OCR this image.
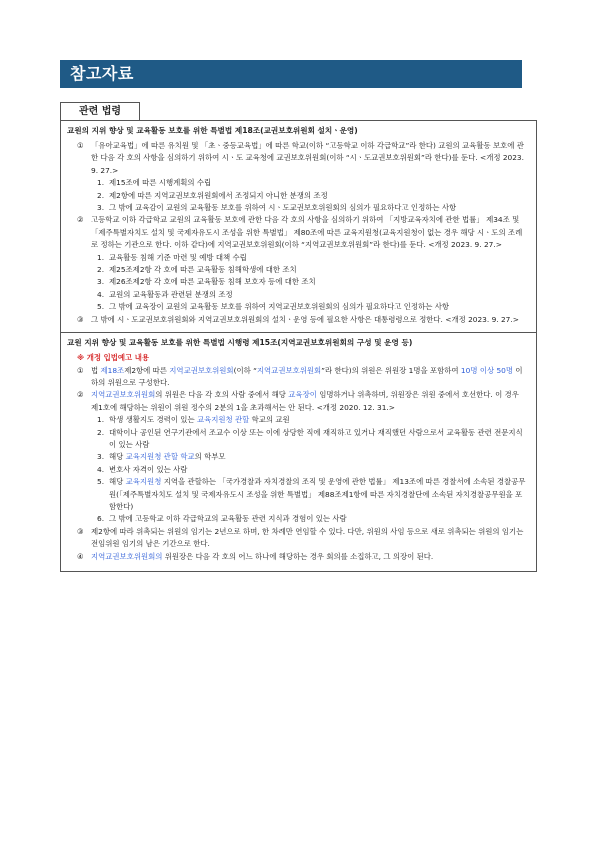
참고자료
관련 법령
교원의 지위 향상 및 교육활동 보호를 위한 특별법 제18조(교권보호위원회 설치ㆍ운영)
① 「유아교육법」에 따른 유치원 및 「초ㆍ중등교육법」에 따른 학교(이하 “고등학교 이하 각급학교”라 한다) 교원의 교육활동 보호에 관한 다음 각 호의 사항을 심의하기 위하여 시ㆍ도 교육청에 교권보호위원회(이하 “시ㆍ도교권보호위원회”라 한다)를 둔다. <개정 2023. 9. 27.>
1. 제15조에 따른 시행계획의 수립
2. 제2항에 따른 지역교권보호위원회에서 조정되지 아니한 분쟁의 조정
3. 그 밖에 교육감이 교원의 교육활동 보호를 위하여 시ㆍ도교권보호위원회의 심의가 필요하다고 인정하는 사항
② 고등학교 이하 각급학교 교원의 교육활동 보호에 관한 다음 각 호의 사항을 심의하기 위하여 「지방교육자치에 관한 법률」 제34조 및 「제주특별자치도 설치 및 국제자유도시 조성을 위한 특별법」 제80조에 따른 교육지원청(교육지원청이 없는 경우 해당 시ㆍ도의 조례로 정하는 기관으로 한다. 이하 같다)에 지역교권보호위원회(이하 “지역교권보호위원회”라 한다)를 둔다. <개정 2023. 9. 27.>
1. 교육활동 침해 기준 마련 및 예방 대책 수립
2. 제25조제2항 각 호에 따른 교육활동 침해학생에 대한 조치
3. 제26조제2항 각 호에 따른 교육활동 침해 보호자 등에 대한 조치
4. 교원의 교육활동과 관련된 분쟁의 조정
5. 그 밖에 교육장이 교원의 교육활동 보호를 위하여 지역교권보호위원회의 심의가 필요하다고 인정하는 사항
③ 그 밖에 시ㆍ도교권보호위원회와 지역교권보호위원회의 설치ㆍ운영 등에 필요한 사항은 대통령령으로 정한다. <개정 2023. 9. 27.>
교원 지위 향상 및 교육활동 보호를 위한 특별법 시행령 제15조(지역교권보호위원회의 구성 및 운영 등)
※ 개정 입법예고 내용
① 법 제18조제2항에 따른 지역교권보호위원회(이하 “지역교권보호위원회”라 한다)의 위원은 위원장 1명을 포함하여 10명 이상 50명 이하의 위원으로 구성한다.
② 지역교권보호위원회의 위원은 다음 각 호의 사람 중에서 해당 교육장이 임명하거나 위촉하며, 위원장은 위원 중에서 호선한다. 이 경우 제1호에 해당하는 위원이 위원 정수의 2분의 1을 초과해서는 안 된다. <개정 2020. 12. 31.>
1. 학생 생활지도 경력이 있는 교육지원청 관할 학교의 교원
2. 대학이나 공인된 연구기관에서 조교수 이상 또는 이에 상당한 직에 재직하고 있거나 재직했던 사람으로서 교육활동 관련 전문지식이 있는 사람
3. 해당 교육지원청 관할 학교의 학부모
4. 변호사 자격이 있는 사람
5. 해당 교육지원청 지역을 관할하는 「국가경찰과 자치경찰의 조직 및 운영에 관한 법률」 제13조에 따른 경찰서에 소속된 경찰공무원(「제주특별자치도 설치 및 국제자유도시 조성을 위한 특별법」 제88조제1항에 따른 자치경찰단에 소속된 자치경찰공무원을 포함한다)
6. 그 밖에 고등학교 이하 각급학교의 교육활동 관련 지식과 경험이 있는 사람
③ 제2항에 따라 위촉되는 위원의 임기는 2년으로 하며, 한 차례만 연임할 수 있다. 다만, 위원의 사임 등으로 새로 위촉되는 위원의 임기는 전임위원 임기의 남은 기간으로 한다.
④ 지역교권보호위원회의 위원장은 다음 각 호의 어느 하나에 해당하는 경우 회의를 소집하고, 그 의장이 된다.
